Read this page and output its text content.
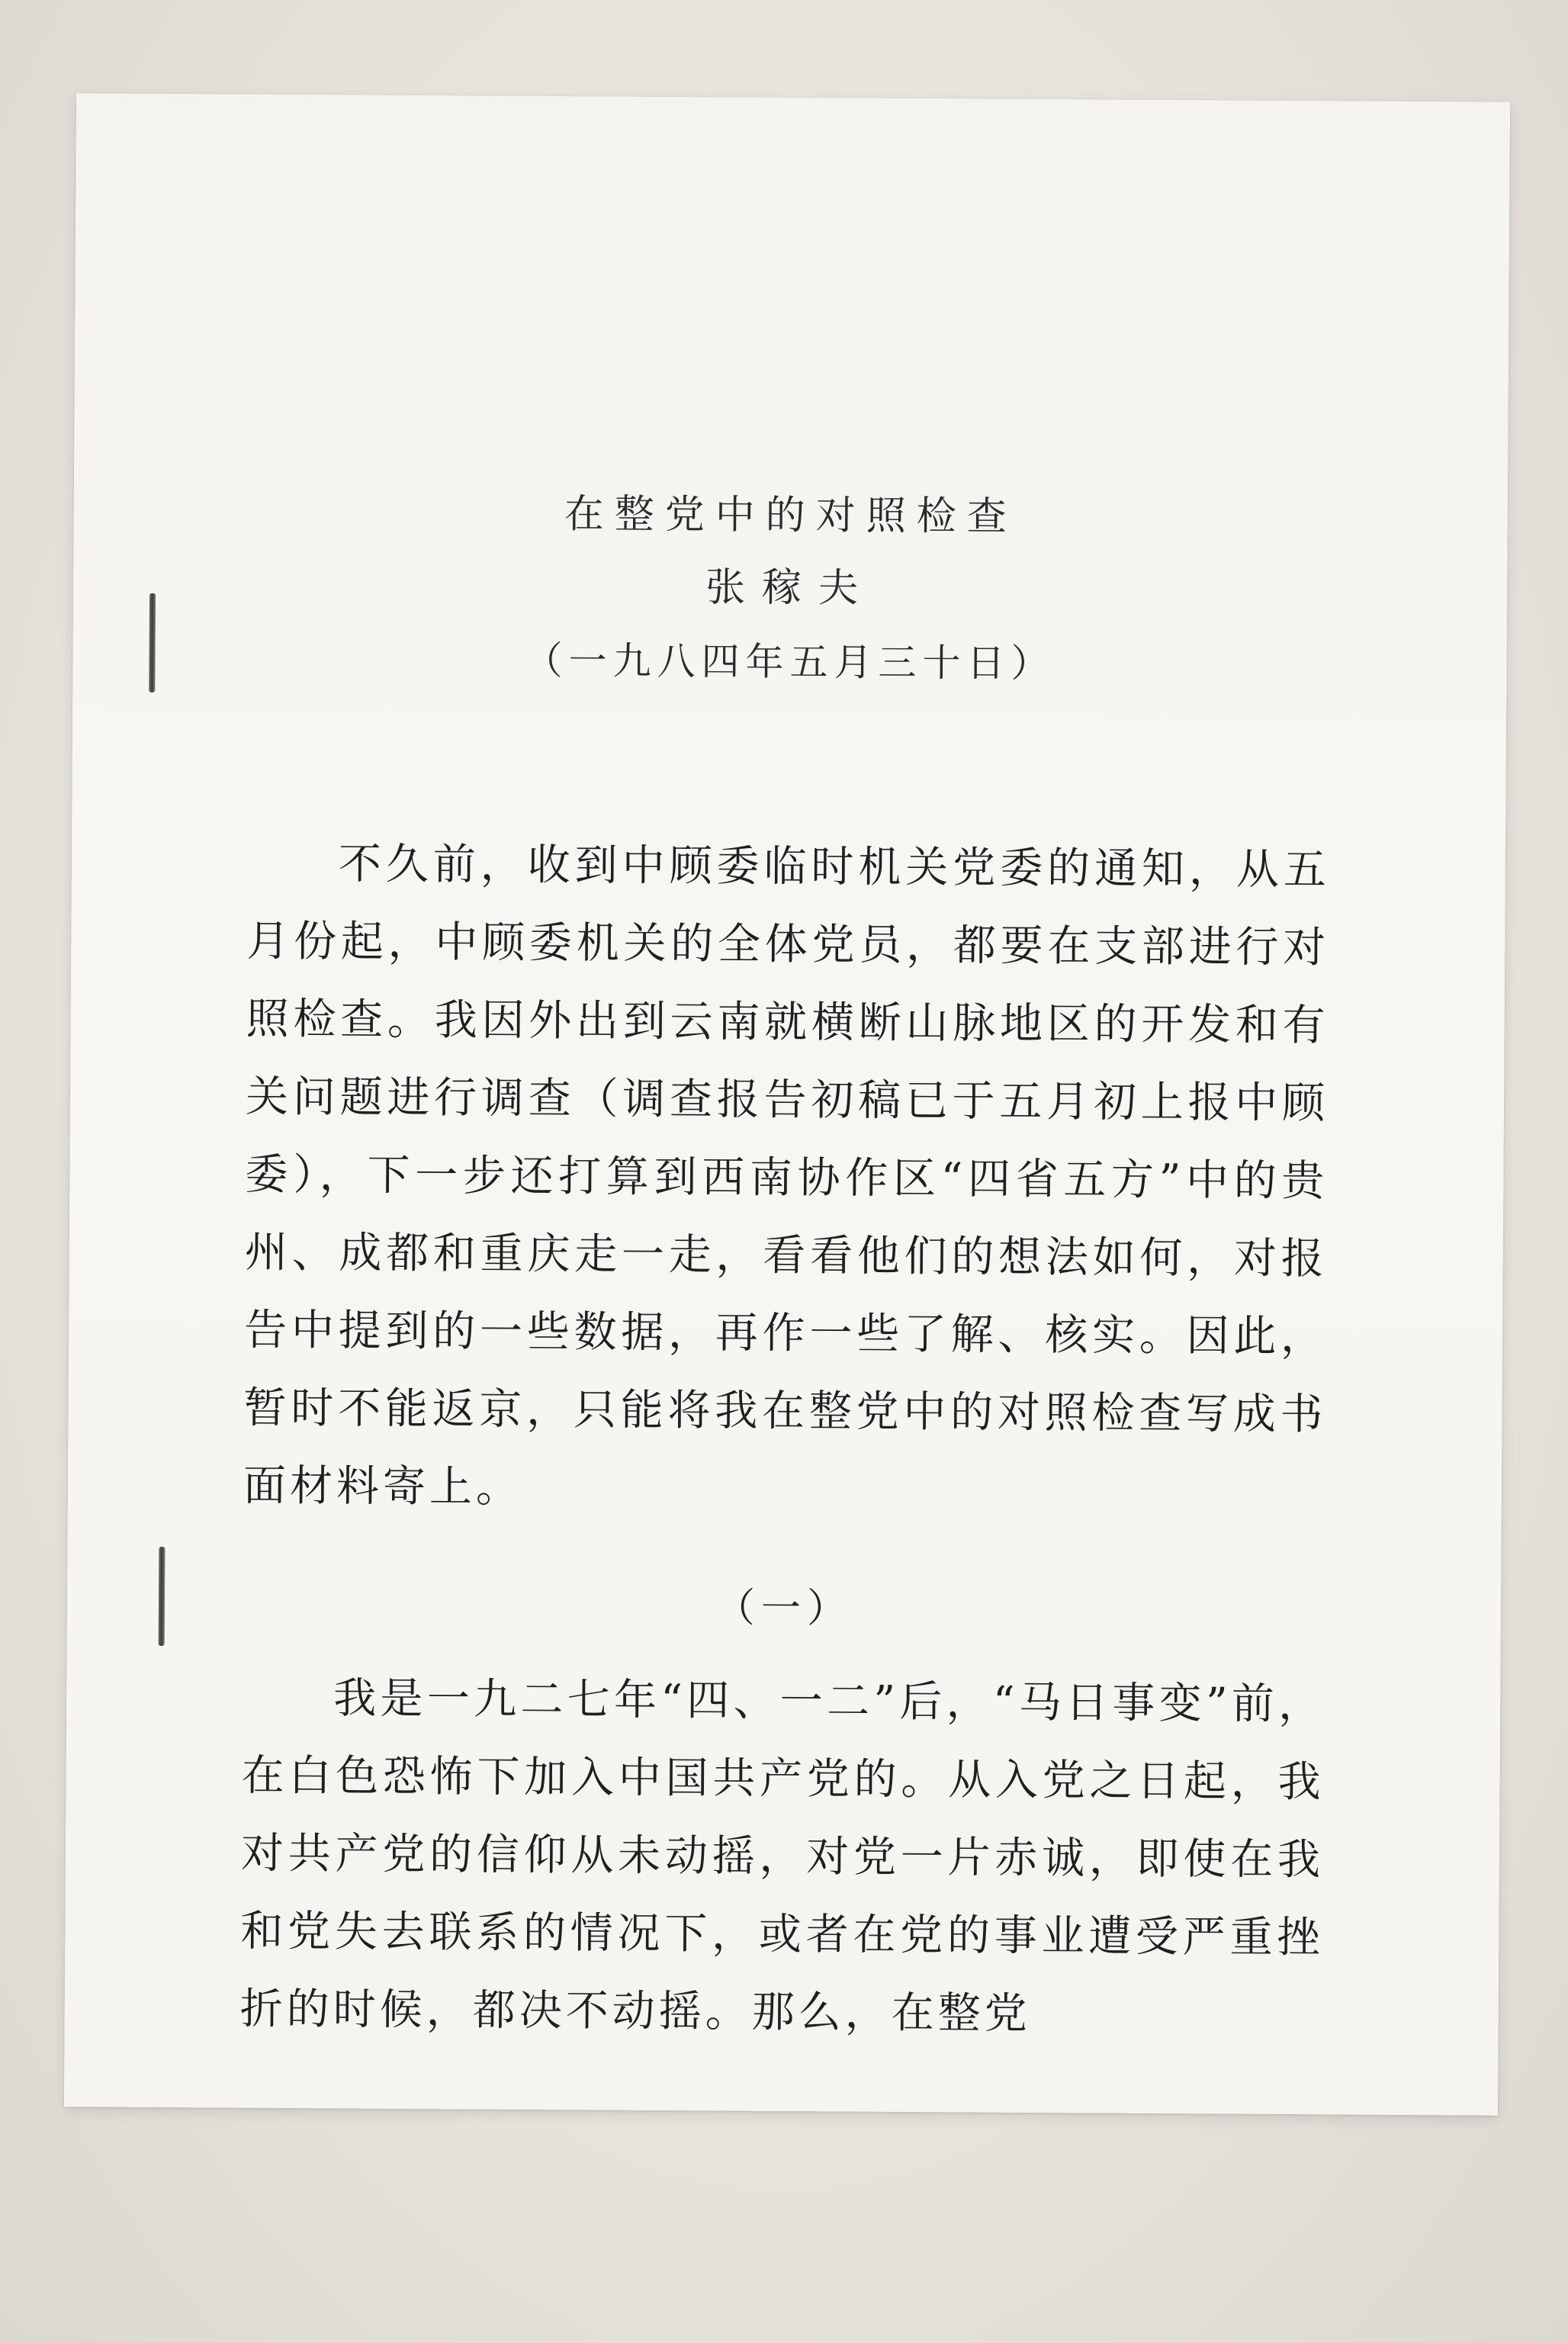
在整党中的对照检查
张稼夫
（一九八四年五月三十日）
不久前，收到中顾委临时机关党委的通知，从五月份起，中顾委机关的全体党员，都要在支部进行对照检查。我因外出到云南就横断山脉地区的开发和有关问题进行调查（调查报告初稿已于五月初上报中顾委），下一步还打算到西南协作区“四省五方”中的贵州、成都和重庆走一走，看看他们的想法如何，对报告中提到的一些数据，再作一些了解、核实。因此，暂时不能返京，只能将我在整党中的对照检查写成书面材料寄上。
（一）
我是一九二七年“四、一二”后，“马日事变”前，在白色恐怖下加入中国共产党的。从入党之日起，我对共产党的信仰从未动摇，对党一片赤诚，即使在我和党失去联系的情况下，或者在党的事业遭受严重挫折的时候，都决不动摇。那么，在整党
